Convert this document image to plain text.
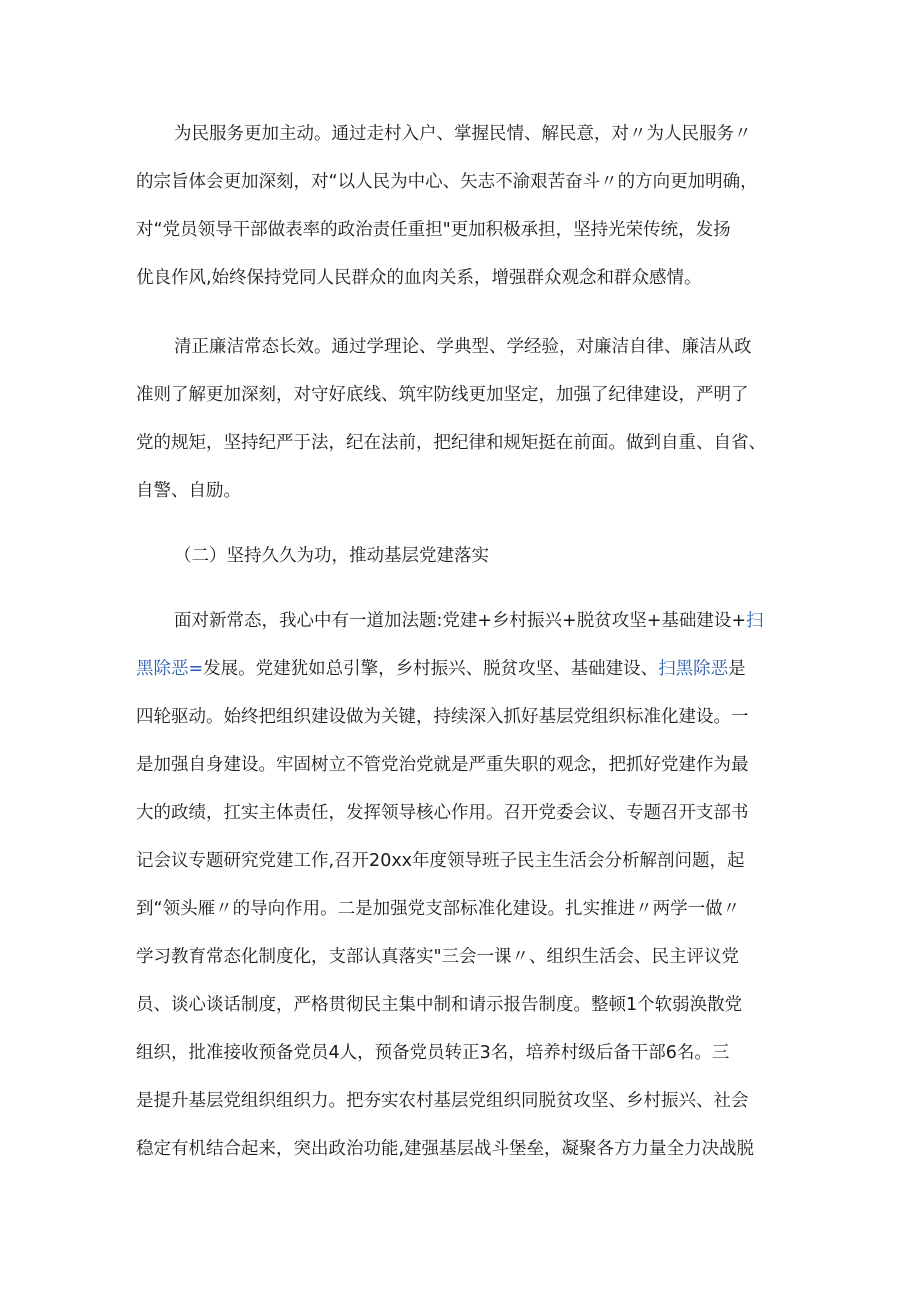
为民服务更加主动。通过走村入户、掌握民情、解民意，对〃为人民服务〃
的宗旨体会更加深刻，对“以人民为中心、矢志不渝艰苦奋斗〃的方向更加明确，
对“党员领导干部做表率的政治责任重担"更加积极承担，坚持光荣传统，发扬
优良作风,始终保持党同人民群众的血肉关系，增强群众观念和群众感情。
清正廉洁常态长效。通过学理论、学典型、学经验，对廉洁自律、廉洁从政
准则了解更加深刻，对守好底线、筑牢防线更加坚定，加强了纪律建设，严明了
党的规矩，坚持纪严于法，纪在法前，把纪律和规矩挺在前面。做到自重、自省、
自警、自励。
（二）坚持久久为功，推动基层党建落实
面对新常态，我心中有一道加法题:党建+乡村振兴+脱贫攻坚+基础建设+扫
黑除恶=发展。党建犹如总引擎，乡村振兴、脱贫攻坚、基础建设、扫黑除恶是
四轮驱动。始终把组织建设做为关键，持续深入抓好基层党组织标准化建设。一
是加强自身建设。牢固树立不管党治党就是严重失职的观念，把抓好党建作为最
大的政绩，扛实主体责任，发挥领导核心作用。召开党委会议、专题召开支部书
记会议专题研究党建工作,召开20xx年度领导班子民主生活会分析解剖问题，起
到“领头雁〃的导向作用。二是加强党支部标准化建设。扎实推进〃两学一做〃
学习教育常态化制度化，支部认真落实"三会一课〃、组织生活会、民主评议党
员、谈心谈话制度，严格贯彻民主集中制和请示报告制度。整顿1个软弱涣散党
组织，批准接收预备党员4人，预备党员转正3名，培养村级后备干部6名。三
是提升基层党组织组织力。把夯实农村基层党组织同脱贫攻坚、乡村振兴、社会
稳定有机结合起来，突出政治功能,建强基层战斗堡垒，凝聚各方力量全力决战脱
